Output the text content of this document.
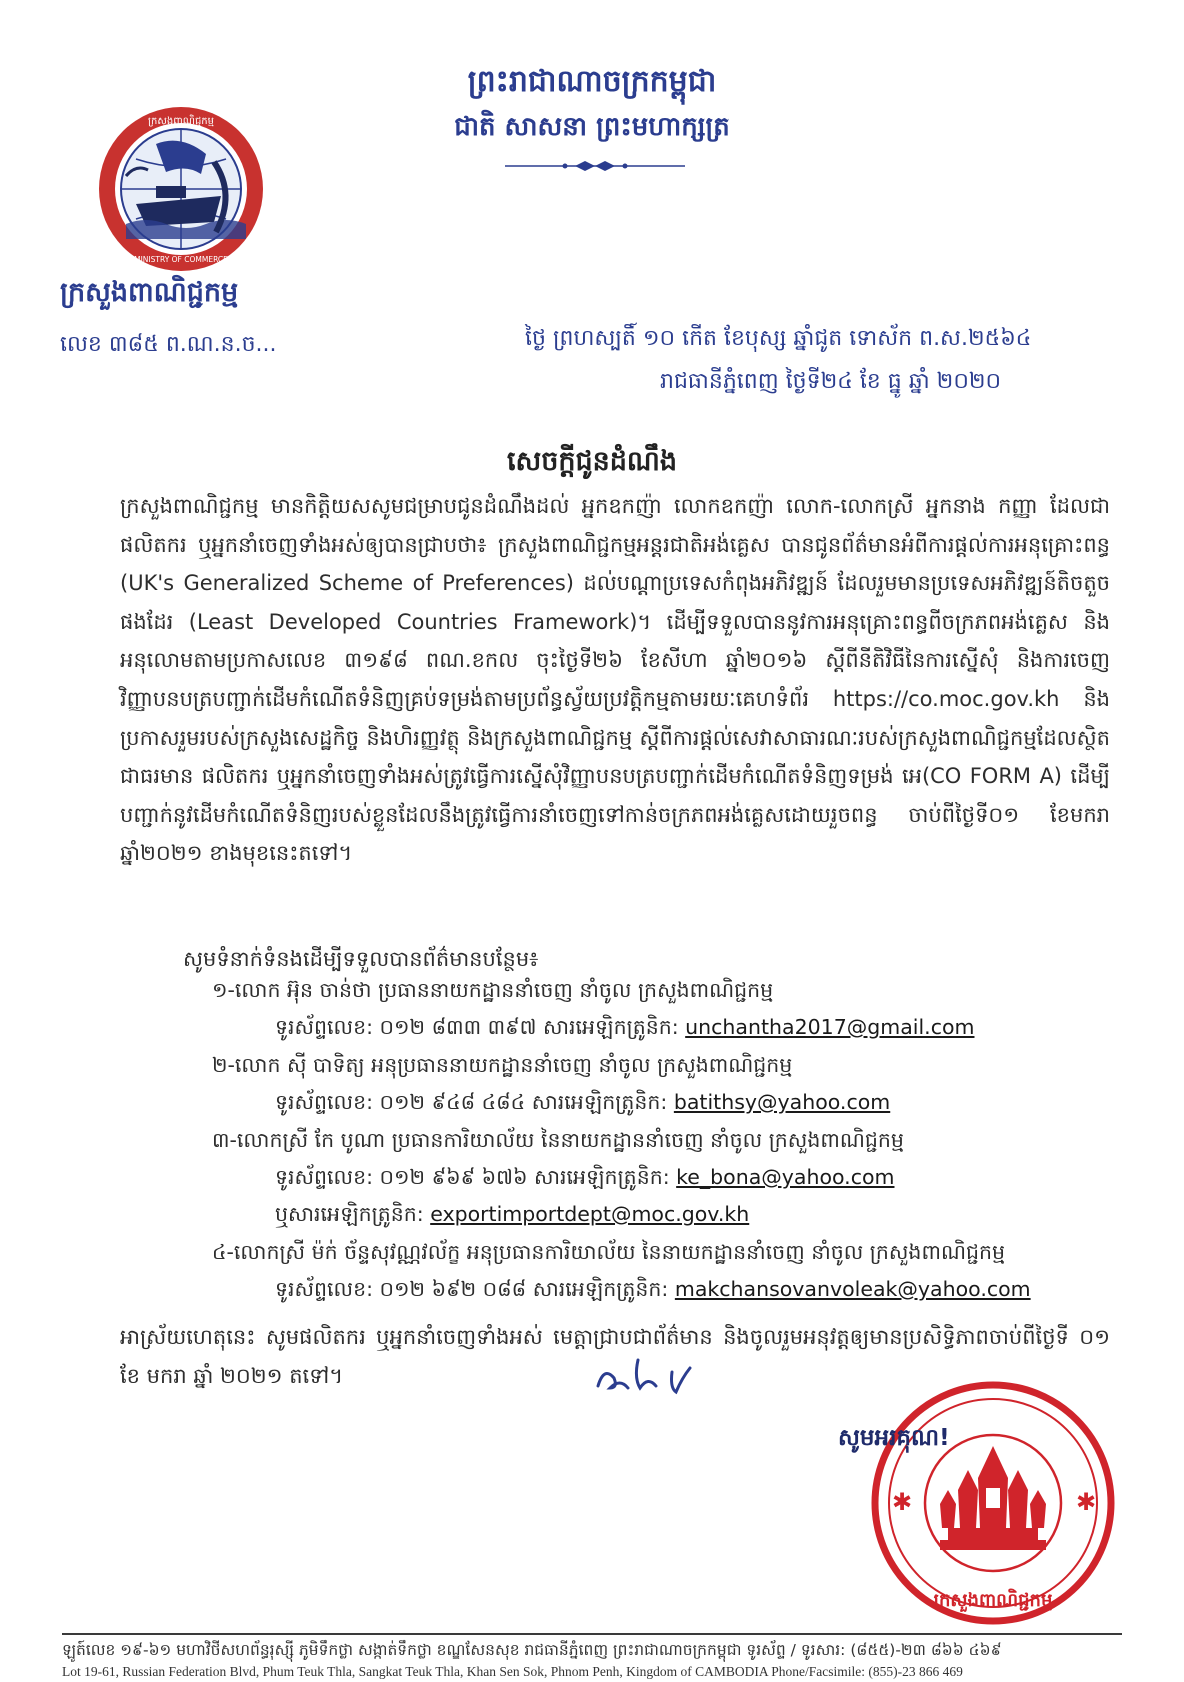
ព្រះរាជាណាចក្រកម្ពុជា
ជាតិ សាសនា ព្រះមហាក្សត្រ
ក្រសួងពាណិជ្ជកម្ម
MINISTRY OF COMMERCE
ក្រសួងពាណិជ្ជកម្ម
លេខ ៣៨៥ ព.ណ.ន.ច...	ថ្ងៃ ព្រហស្បតិ៍ ១០ កើត ខែបុស្ស ឆ្នាំជូត ទោស័ក ព.ស.២៥៦៤
រាជធានីភ្នំពេញ ថ្ងៃទី២៤ ខែ ធ្នូ ឆ្នាំ ២០២០
សេចក្តីជូនដំណឹង
ក្រសួងពាណិជ្ជកម្ម មានកិត្តិយសសូមជម្រាបជូនដំណឹងដល់ អ្នកឧកញ៉ា លោកឧកញ៉ា លោក-លោកស្រី អ្នកនាង កញ្ញា ដែលជាផលិតករ ឬអ្នកនាំចេញទាំងអស់ឲ្យបានជ្រាបថា៖ ក្រសួងពាណិជ្ជកម្មអន្តរជាតិអង់គ្លេស បានជូនព័ត៌មានអំពីការផ្តល់ការអនុគ្រោះពន្ធ (UK's Generalized Scheme of Preferences) ដល់បណ្តាប្រទេសកំពុងអភិវឌ្ឍន៍ ដែលរួមមានប្រទេសអភិវឌ្ឍន៍តិចតួចផងដែរ (Least Developed Countries Framework)។ ដើម្បីទទួលបាននូវការអនុគ្រោះពន្ធពីចក្រភពអង់គ្លេស និងអនុលោមតាមប្រកាសលេខ ៣១៩៨ ពណ.ខកល ចុះថ្ងៃទី២៦ ខែសីហា ឆ្នាំ២០១៦ ស្តីពីនីតិវិធីនៃការស្នើសុំ និងការចេញវិញ្ញាបនបត្របញ្ជាក់ដើមកំណើតទំនិញគ្រប់ទម្រង់តាមប្រព័ន្ធស្វ័យប្រវត្តិកម្មតាមរយៈគេហទំព័រ https://co.moc.gov.kh និងប្រកាសរួមរបស់ក្រសួងសេដ្ឋកិច្ច និងហិរញ្ញវត្ថុ និងក្រសួងពាណិជ្ជកម្ម ស្តីពីការផ្តល់សេវាសាធារណៈរបស់ក្រសួងពាណិជ្ជកម្មដែលស្ថិតជាធរមាន ផលិតករ ឬអ្នកនាំចេញទាំងអស់ត្រូវធ្វើការស្នើសុំវិញ្ញាបនបត្របញ្ជាក់ដើមកំណើតទំនិញទម្រង់ អេ(CO FORM A) ដើម្បីបញ្ជាក់នូវដើមកំណើតទំនិញរបស់ខ្លួនដែលនឹងត្រូវធ្វើការនាំចេញទៅកាន់ចក្រភពអង់គ្លេសដោយរួចពន្ធ ចាប់ពីថ្ងៃទី០១ ខែមករា ឆ្នាំ២០២១ ខាងមុខនេះតទៅ។
សូមទំនាក់ទំនងដើម្បីទទួលបានព័ត៌មានបន្ថែម៖
១-លោក អ៊ុន ចាន់ថា ប្រធាននាយកដ្ឋាននាំចេញ នាំចូល ក្រសួងពាណិជ្ជកម្ម
ទូរស័ព្ទលេខ: ០១២ ៨៣៣ ៣៩៧ សារអេឡិកត្រូនិក: unchantha2017@gmail.com
២-លោក ស៊ី បាទិត្យ អនុប្រធាននាយកដ្ឋាននាំចេញ នាំចូល ក្រសួងពាណិជ្ជកម្ម
ទូរស័ព្ទលេខ: ០១២ ៩៤៨ ៤៨៤ សារអេឡិកត្រូនិក: batithsy@yahoo.com
៣-លោកស្រី កែ បូណា ប្រធានការិយាល័យ នៃនាយកដ្ឋាននាំចេញ នាំចូល ក្រសួងពាណិជ្ជកម្ម
ទូរស័ព្ទលេខ: ០១២ ៩៦៩ ៦៧៦ សារអេឡិកត្រូនិក: ke_bona@yahoo.com
ឬសារអេឡិកត្រូនិក: exportimportdept@moc.gov.kh
៤-លោកស្រី ម៉ក់ ច័ន្ទសុវណ្ណវល័ក្ខ អនុប្រធានការិយាល័យ នៃនាយកដ្ឋាននាំចេញ នាំចូល ក្រសួងពាណិជ្ជកម្ម
ទូរស័ព្ទលេខ: ០១២ ៦៩២ ០៨៨ សារអេឡិកត្រូនិក: makchansovanvoleak@yahoo.com
អាស្រ័យហេតុនេះ សូមផលិតករ ឬអ្នកនាំចេញទាំងអស់ មេត្តាជ្រាបជាព័ត៌មាន និងចូលរួមអនុវត្តឲ្យមានប្រសិទ្ធិភាពចាប់ពីថ្ងៃទី ០១ ខែ មករា ឆ្នាំ ២០២១ តទៅ។
✱	✱
ក្រសួងពាណិជ្ជកម្ម
សូមអរគុណ!
ឡូត៍លេខ ១៩-៦១ មហាវិថីសហព័ន្ធរុស្ស៊ី ភូមិទឹកថ្លា សង្កាត់ទឹកថ្លា ខណ្ឌសែនសុខ រាជធានីភ្នំពេញ ព្រះរាជាណាចក្រកម្ពុជា ទូរស័ព្ទ / ទូរសារ: (៨៥៥)-២៣ ៨៦៦ ៤៦៩
Lot 19-61, Russian Federation Blvd, Phum Teuk Thla, Sangkat Teuk Thla, Khan Sen Sok, Phnom Penh, Kingdom of CAMBODIA Phone/Facsimile: (855)-23 866 469
